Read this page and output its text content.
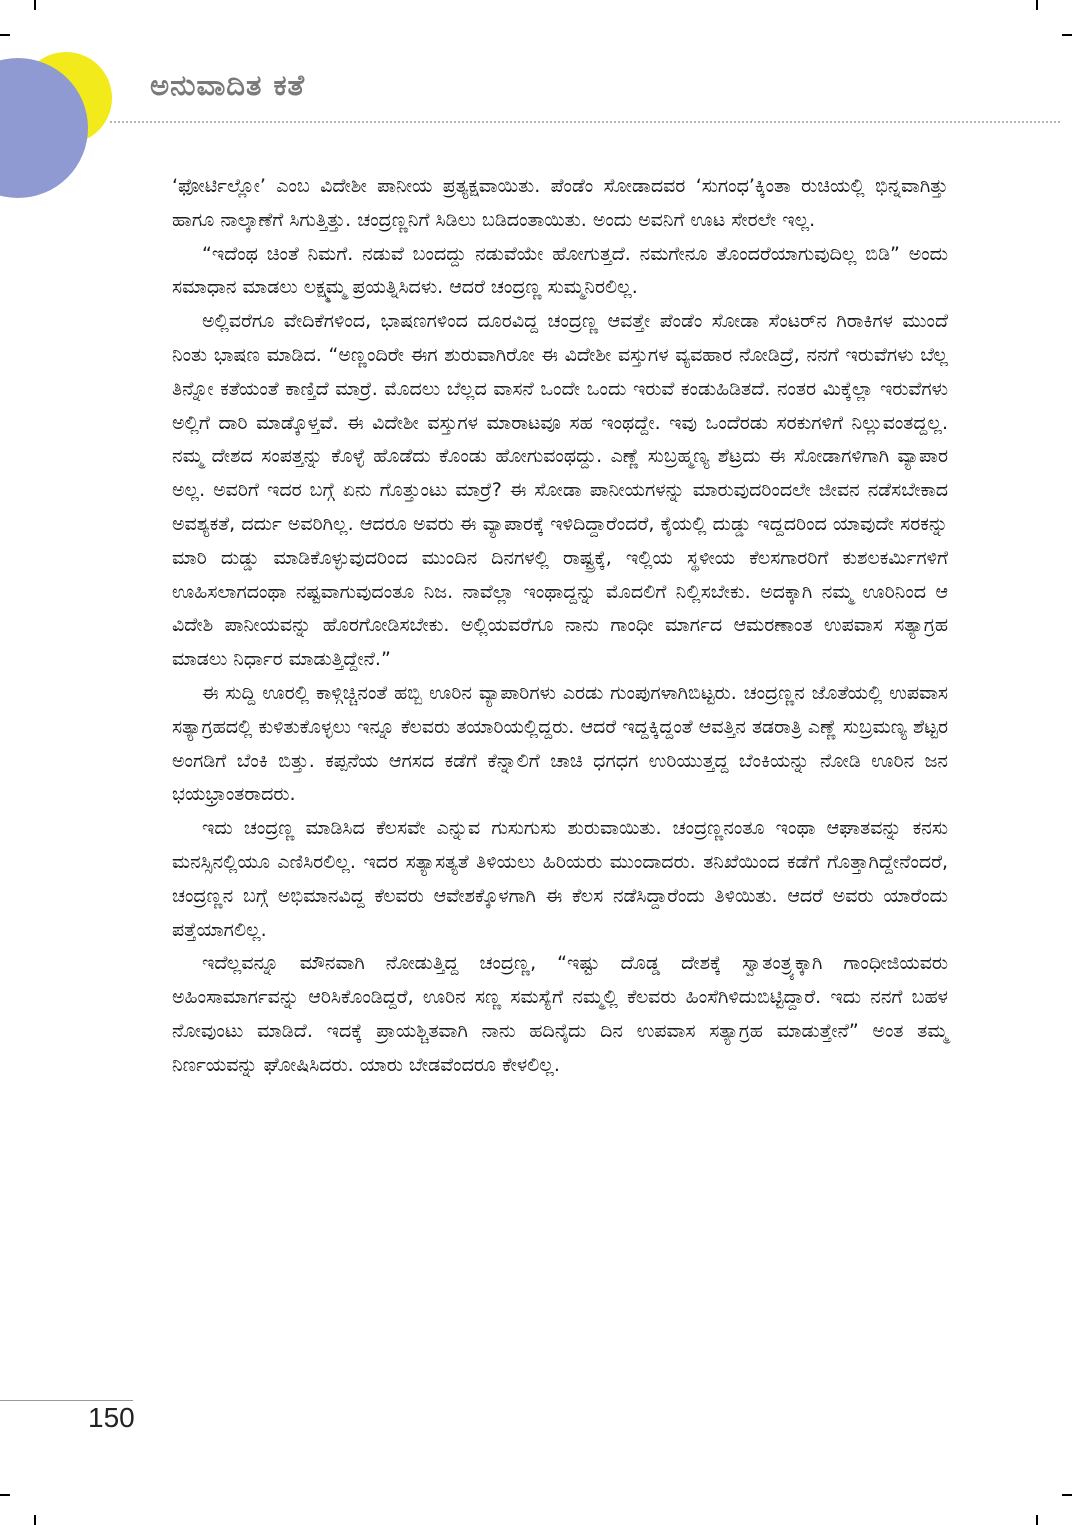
ಅನುವಾದಿತ ಕತೆ

‘ಫೋರ್ಟಿಲ್ಲೋ’ ಎಂಬ ವಿದೇಶೀ ಪಾನೀಯ ಪ್ರತ್ಯಕ್ಷವಾಯಿತು. ಪೆಂಡೆಂ ಸೋಡಾದವರ ‘ಸುಗಂಧ’ಕ್ಕಿಂತಾ ರುಚಿಯಲ್ಲಿ ಭಿನ್ನವಾಗಿತ್ತು ಹಾಗೂ ನಾಲ್ಕಾಣೆಗೆ ಸಿಗುತ್ತಿತ್ತು. ಚಂದ್ರಣ್ಣನಿಗೆ ಸಿಡಿಲು ಬಡಿದಂತಾಯಿತು. ಅಂದು ಅವನಿಗೆ ಊಟ ಸೇರಲೇ ಇಲ್ಲ.

“ಇದೆಂಥ ಚಿಂತೆ ನಿಮಗೆ. ನಡುವೆ ಬಂದದ್ದು ನಡುವೆಯೇ ಹೋಗುತ್ತದೆ. ನಮಗೇನೂ ತೊಂದರೆಯಾಗುವುದಿಲ್ಲ ಬಿಡಿ” ಅಂದು ಸಮಾಧಾನ ಮಾಡಲು ಲಕ್ಷ್ಮಮ್ಮ ಪ್ರಯತ್ನಿಸಿದಳು. ಆದರೆ ಚಂದ್ರಣ್ಣ ಸುಮ್ಮನಿರಲಿಲ್ಲ.

ಅಲ್ಲಿವರೆಗೂ ವೇದಿಕೆಗಳಿಂದ, ಭಾಷಣಗಳಿಂದ ದೂರವಿದ್ದ ಚಂದ್ರಣ್ಣ ಆವತ್ತೇ ಪೆಂಡೆಂ ಸೋಡಾ ಸೆಂಟರ್‌ನ ಗಿರಾಕಿಗಳ ಮುಂದೆ ನಿಂತು ಭಾಷಣ ಮಾಡಿದ. “ಅಣ್ಣಂದಿರೇ ಈಗ ಶುರುವಾಗಿರೋ ಈ ವಿದೇಶೀ ವಸ್ತುಗಳ ವ್ಯವಹಾರ ನೋಡಿದ್ರೆ, ನನಗೆ ಇರುವೆಗಳು ಬೆಲ್ಲ ತಿನ್ನೋ ಕತೆಯಂತೆ ಕಾಣ್ತಿದೆ ಮಾರ್ರೆ. ಮೊದಲು ಬೆಲ್ಲದ ವಾಸನೆ ಒಂದೇ ಒಂದು ಇರುವೆ ಕಂಡುಹಿಡಿತದೆ. ನಂತರ ಮಿಕ್ಕೆಲ್ಲಾ ಇರುವೆಗಳು ಅಲ್ಲಿಗೆ ದಾರಿ ಮಾಡ್ಕೊಳ್ತವೆ. ಈ ವಿದೇಶೀ ವಸ್ತುಗಳ ಮಾರಾಟವೂ ಸಹ ಇಂಥದ್ದೇ. ಇವು ಒಂದೆರಡು ಸರಕುಗಳಿಗೆ ನಿಲ್ಲುವಂತದ್ದಲ್ಲ. ನಮ್ಮ ದೇಶದ ಸಂಪತ್ತನ್ನು ಕೊಳ್ಳೆ ಹೊಡೆದು ಕೊಂಡು ಹೋಗುವಂಥದ್ದು. ಎಣ್ಣೆ ಸುಬ್ರಹ್ಮಣ್ಯ ಶೆಟ್ರದು ಈ ಸೋಡಾಗಳಿಗಾಗಿ ವ್ಯಾಪಾರ ಅಲ್ಲ. ಅವರಿಗೆ ಇದರ ಬಗ್ಗೆ ಏನು ಗೊತ್ತುಂಟು ಮಾರ್ರೆ? ಈ ಸೋಡಾ ಪಾನೀಯಗಳನ್ನು ಮಾರುವುದರಿಂದಲೇ ಜೀವನ ನಡೆಸಬೇಕಾದ ಅವಶ್ಯಕತೆ, ದರ್ದು ಅವರಿಗಿಲ್ಲ. ಆದರೂ ಅವರು ಈ ವ್ಯಾಪಾರಕ್ಕೆ ಇಳಿದಿದ್ದಾರೆಂದರೆ, ಕೈಯಲ್ಲಿ ದುಡ್ಡು ಇದ್ದದರಿಂದ ಯಾವುದೇ ಸರಕನ್ನು ಮಾರಿ ದುಡ್ಡು ಮಾಡಿಕೊಳ್ಳುವುದರಿಂದ ಮುಂದಿನ ದಿನಗಳಲ್ಲಿ ರಾಷ್ಟ್ರಕ್ಕೆ, ಇಲ್ಲಿಯ ಸ್ಥಳೀಯ ಕೆಲಸಗಾರರಿಗೆ ಕುಶಲಕರ್ಮಿಗಳಿಗೆ ಊಹಿಸಲಾಗದಂಥಾ ನಷ್ಟವಾಗುವುದಂತೂ ನಿಜ. ನಾವೆಲ್ಲಾ ಇಂಥಾದ್ದನ್ನು ಮೊದಲಿಗೆ ನಿಲ್ಲಿಸಬೇಕು. ಅದಕ್ಕಾಗಿ ನಮ್ಮ ಊರಿನಿಂದ ಆ ವಿದೇಶಿ ಪಾನೀಯವನ್ನು ಹೊರಗೋಡಿಸಬೇಕು. ಅಲ್ಲಿಯವರೆಗೂ ನಾನು ಗಾಂಧೀ ಮಾರ್ಗದ ಆಮರಣಾಂತ ಉಪವಾಸ ಸತ್ಯಾಗ್ರಹ ಮಾಡಲು ನಿರ್ಧಾರ ಮಾಡುತ್ತಿದ್ದೇನೆ.”

ಈ ಸುದ್ದಿ ಊರಲ್ಲಿ ಕಾಳ್ಗಿಚ್ಚಿನಂತೆ ಹಬ್ಬಿ ಊರಿನ ವ್ಯಾಪಾರಿಗಳು ಎರಡು ಗುಂಪುಗಳಾಗಿಬಿಟ್ಟರು. ಚಂದ್ರಣ್ಣನ ಜೊತೆಯಲ್ಲಿ ಉಪವಾಸ ಸತ್ಯಾಗ್ರಹದಲ್ಲಿ ಕುಳಿತುಕೊಳ್ಳಲು ಇನ್ನೂ ಕೆಲವರು ತಯಾರಿಯಲ್ಲಿದ್ದರು. ಆದರೆ ಇದ್ದಕ್ಕಿದ್ದಂತೆ ಆವತ್ತಿನ ತಡರಾತ್ರಿ ಎಣ್ಣೆ ಸುಬ್ರಮಣ್ಯ ಶೆಟ್ಟರ ಅಂಗಡಿಗೆ ಬೆಂಕಿ ಬಿತ್ತು. ಕಪ್ಪನೆಯ ಆಗಸದ ಕಡೆಗೆ ಕೆನ್ನಾಲಿಗೆ ಚಾಚಿ ಧಗಧಗ ಉರಿಯುತ್ತದ್ದ ಬೆಂಕಿಯನ್ನು ನೋಡಿ ಊರಿನ ಜನ ಭಯಭ್ರಾಂತರಾದರು.

ಇದು ಚಂದ್ರಣ್ಣ ಮಾಡಿಸಿದ ಕೆಲಸವೇ ಎನ್ನುವ ಗುಸುಗುಸು ಶುರುವಾಯಿತು. ಚಂದ್ರಣ್ಣನಂತೂ ಇಂಥಾ ಆಘಾತವನ್ನು ಕನಸು ಮನಸ್ಸಿನಲ್ಲಿಯೂ ಎಣಿಸಿರಲಿಲ್ಲ. ಇದರ ಸತ್ಯಾಸತ್ಯತೆ ತಿಳಿಯಲು ಹಿರಿಯರು ಮುಂದಾದರು. ತನಿಖೆಯಿಂದ ಕಡೆಗೆ ಗೊತ್ತಾಗಿದ್ದೇನೆಂದರೆ, ಚಂದ್ರಣ್ಣನ ಬಗ್ಗೆ ಅಭಿಮಾನವಿದ್ದ ಕೆಲವರು ಆವೇಶಕ್ಕೊಳಗಾಗಿ ಈ ಕೆಲಸ ನಡೆಸಿದ್ದಾರೆಂದು ತಿಳಿಯಿತು. ಆದರೆ ಅವರು ಯಾರೆಂದು ಪತ್ತೆಯಾಗಲಿಲ್ಲ.

ಇದೆಲ್ಲವನ್ನೂ ಮೌನವಾಗಿ ನೋಡುತ್ತಿದ್ದ ಚಂದ್ರಣ್ಣ, “ಇಷ್ಟು ದೊಡ್ಡ ದೇಶಕ್ಕೆ ಸ್ವಾತಂತ್ರ್ಯಕ್ಕಾಗಿ ಗಾಂಧೀಜಿಯವರು ಅಹಿಂಸಾಮಾರ್ಗವನ್ನು ಆರಿಸಿಕೊಂಡಿದ್ದರೆ, ಊರಿನ ಸಣ್ಣ ಸಮಸ್ಯೆಗೆ ನಮ್ಮಲ್ಲಿ ಕೆಲವರು ಹಿಂಸೆಗಿಳಿದುಬಿಟ್ಟಿದ್ದಾರೆ. ಇದು ನನಗೆ ಬಹಳ ನೋವುಂಟು ಮಾಡಿದೆ. ಇದಕ್ಕೆ ಪ್ರಾಯಶ್ಚಿತವಾಗಿ ನಾನು ಹದಿನೈದು ದಿನ ಉಪವಾಸ ಸತ್ಯಾಗ್ರಹ ಮಾಡುತ್ತೇನೆ” ಅಂತ ತಮ್ಮ ನಿರ್ಣಯವನ್ನು ಘೋಷಿಸಿದರು. ಯಾರು ಬೇಡವೆಂದರೂ ಕೇಳಲಿಲ್ಲ.

150
